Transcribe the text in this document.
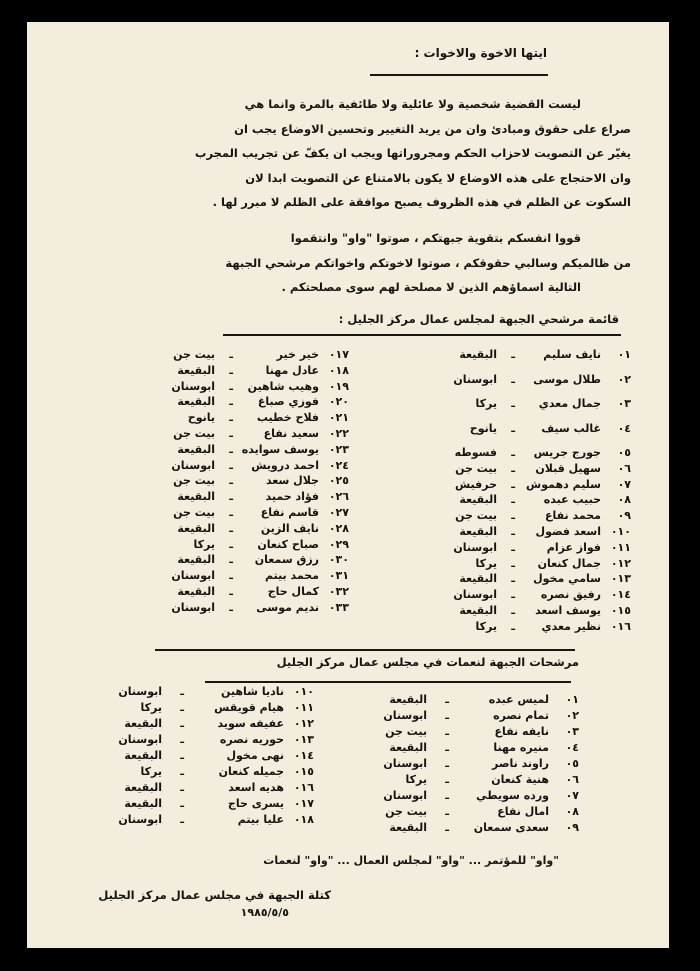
ايتها الاخوة والاخوات :
ليست القضية شخصية ولا عائلية ولا طائفية بالمرة وانما هي
صراع على حقوق ومبادئ وان من يريد التغيير وتحسين الاوضاع يجب ان
يغيّر عن التصويت لاحزاب الحكم ومجروراتها ويجب ان يكفّ عن تجريب المجرب
وان الاحتجاج على هذه الاوضاع لا يكون بالامتناع عن التصويت ابدا لان
السكوت عن الظلم في هذه الظروف يصبح موافقة على الظلم لا مبرر لها .
قووا انفسكم بتقوية جبهتكم ، صوتوا "واو" وانتقموا
من ظالميكم وسالبي حقوقكم ، صوتوا لاخوتكم واخواتكم مرشحي الجبهة
التالية اسماؤهم الذين لا مصلحة لهم سوى مصلحتكم .
قائمة مرشحي الجبهة لمجلس عمال مركز الجليل :
٠١
نايف سليم
ـ
البقيعة
٠٢
طلال موسى
ـ
ابوسنان
٠٣
جمال معدي
ـ
يركا
٠٤
غالب سيف
ـ
يانوح
٠٥
جورج جريس
ـ
فسوطه
٠٦
سهيل قبلان
ـ
بيت جن
٠٧
سليم دهموش
ـ
حرفيش
٠٨
حبيب عبده
ـ
البقيعة
٠٩
محمد نفاع
ـ
بيت جن
٠١٠
اسعد فضول
ـ
البقيعة
٠١١
فواز عزام
ـ
ابوسنان
٠١٢
جمال كنعان
ـ
يركا
٠١٣
سامي مخول
ـ
البقيعة
٠١٤
رفيق نصره
ـ
ابوسنان
٠١٥
يوسف اسعد
ـ
البقيعة
٠١٦
نظير معدي
ـ
يركا
٠١٧
خير خير
ـ
بيت جن
٠١٨
عادل مهنا
ـ
البقيعة
٠١٩
وهيب شاهين
ـ
ابوسنان
٠٢٠
فوزي صباغ
ـ
البقيعة
٠٢١
فلاح خطيب
ـ
يانوح
٠٢٢
سعيد نفاع
ـ
بيت جن
٠٢٣
يوسف سوايده
ـ
البقيعة
٠٢٤
احمد درويش
ـ
ابوسنان
٠٢٥
جلال سعد
ـ
بيت جن
٠٢٦
فؤاد حميد
ـ
البقيعة
٠٢٧
قاسم نفاع
ـ
بيت جن
٠٢٨
نايف الزين
ـ
البقيعة
٠٢٩
صباح كنعان
ـ
يركا
٠٣٠
رزق سمعان
ـ
البقيعة
٠٣١
محمد بيتم
ـ
ابوسنان
٠٣٢
كمال حاج
ـ
البقيعة
٠٣٣
نديم موسى
ـ
ابوسنان
مرشحات الجبهة لنعمات في مجلس عمال مركز الجليل
٠١
لميس عبده
ـ
البقيعة
٠٢
تمام نصره
ـ
ابوسنان
٠٣
نايفه نفاع
ـ
بيت جن
٠٤
منيره مهنا
ـ
البقيعة
٠٥
راوند ناصر
ـ
ابوسنان
٠٦
هنية كنعان
ـ
يركا
٠٧
ورده سويطي
ـ
ابوسنان
٠٨
امال نفاع
ـ
بيت جن
٠٩
سعدى سمعان
ـ
البقيعة
٠١٠
ناديا شاهين
ـ
ابوسنان
٠١١
هيام قويقس
ـ
يركا
٠١٢
عفيفه سويد
ـ
البقيعة
٠١٣
حوريه نصره
ـ
ابوسنان
٠١٤
نهى مخول
ـ
البقيعة
٠١٥
جميله كنعان
ـ
يركا
٠١٦
هديه اسعد
ـ
البقيعة
٠١٧
يسرى حاج
ـ
البقيعة
٠١٨
عليا بيتم
ـ
ابوسنان
"واو" للمؤتمر ... "واو" لمجلس العمال ... "واو" لنعمات
كتلة الجبهة في مجلس عمال مركز الجليل
١٩٨٥/٥/٥
